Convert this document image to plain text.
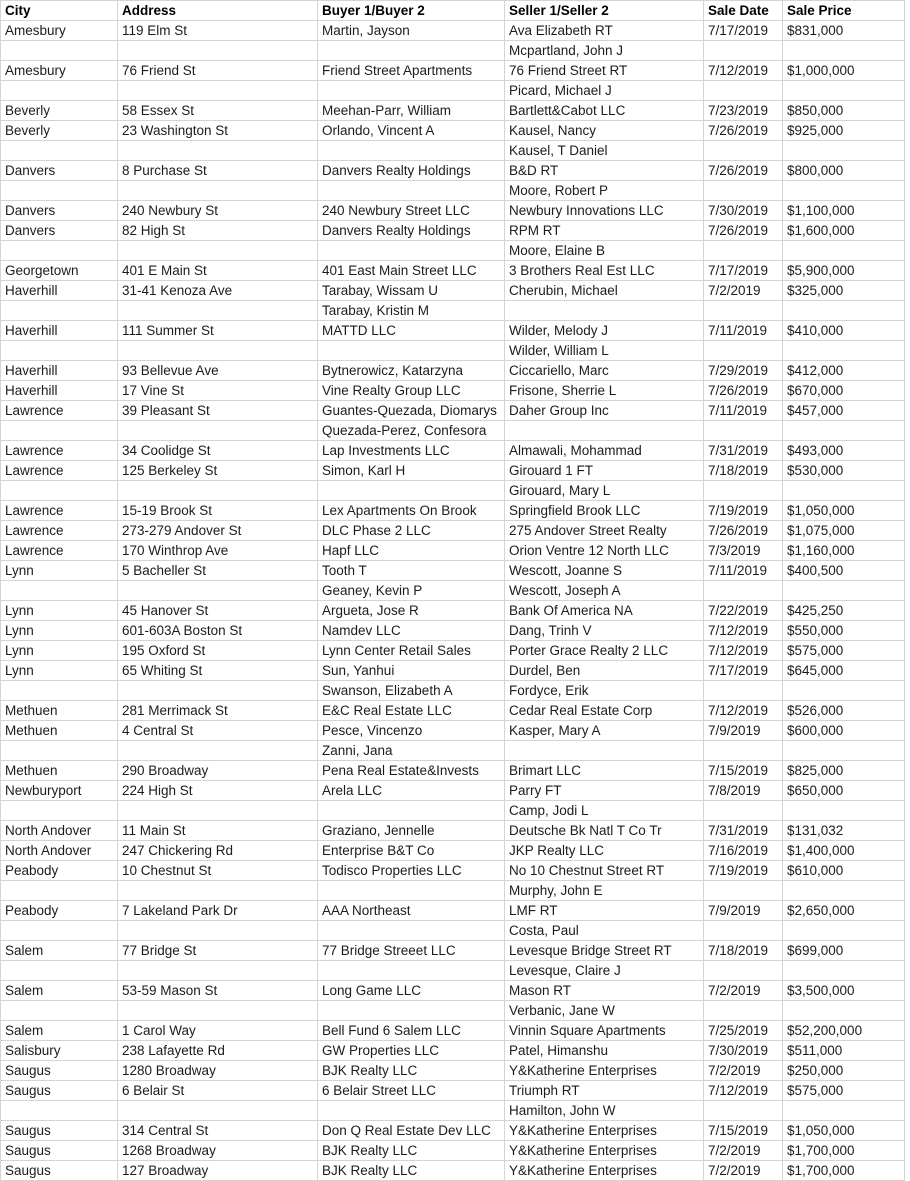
City	Address	Buyer 1/Buyer 2	Seller 1/Seller 2	Sale Date	Sale Price
Amesbury	119 Elm St	Martin, Jayson	Ava Elizabeth RT	7/17/2019	$831,000
			Mcpartland, John J		
Amesbury	76 Friend St	Friend Street Apartments	76 Friend Street RT	7/12/2019	$1,000,000
			Picard, Michael J		
Beverly	58 Essex St	Meehan-Parr, William	Bartlett&Cabot LLC	7/23/2019	$850,000
Beverly	23 Washington St	Orlando, Vincent A	Kausel, Nancy	7/26/2019	$925,000
			Kausel, T Daniel		
Danvers	8 Purchase St	Danvers Realty Holdings	B&D RT	7/26/2019	$800,000
			Moore, Robert P		
Danvers	240 Newbury St	240 Newbury Street LLC	Newbury Innovations LLC	7/30/2019	$1,100,000
Danvers	82 High St	Danvers Realty Holdings	RPM RT	7/26/2019	$1,600,000
			Moore, Elaine B		
Georgetown	401 E Main St	401 East Main Street LLC	3 Brothers Real Est LLC	7/17/2019	$5,900,000
Haverhill	31-41 Kenoza Ave	Tarabay, Wissam U	Cherubin, Michael	7/2/2019	$325,000
		Tarabay, Kristin M			
Haverhill	111 Summer St	MATTD LLC	Wilder, Melody J	7/11/2019	$410,000
			Wilder, William L		
Haverhill	93 Bellevue Ave	Bytnerowicz, Katarzyna	Ciccariello, Marc	7/29/2019	$412,000
Haverhill	17 Vine St	Vine Realty Group LLC	Frisone, Sherrie L	7/26/2019	$670,000
Lawrence	39 Pleasant St	Guantes-Quezada, Diomarys	Daher Group Inc	7/11/2019	$457,000
		Quezada-Perez, Confesora			
Lawrence	34 Coolidge St	Lap Investments LLC	Almawali, Mohammad	7/31/2019	$493,000
Lawrence	125 Berkeley St	Simon, Karl H	Girouard 1 FT	7/18/2019	$530,000
			Girouard, Mary L		
Lawrence	15-19 Brook St	Lex Apartments On Brook	Springfield Brook LLC	7/19/2019	$1,050,000
Lawrence	273-279 Andover St	DLC Phase 2 LLC	275 Andover Street Realty	7/26/2019	$1,075,000
Lawrence	170 Winthrop Ave	Hapf LLC	Orion Ventre 12 North LLC	7/3/2019	$1,160,000
Lynn	5 Bacheller St	Tooth T	Wescott, Joanne S	7/11/2019	$400,500
		Geaney, Kevin P	Wescott, Joseph A		
Lynn	45 Hanover St	Argueta, Jose R	Bank Of America NA	7/22/2019	$425,250
Lynn	601-603A Boston St	Namdev LLC	Dang, Trinh V	7/12/2019	$550,000
Lynn	195 Oxford St	Lynn Center Retail Sales	Porter Grace Realty 2 LLC	7/12/2019	$575,000
Lynn	65 Whiting St	Sun, Yanhui	Durdel, Ben	7/17/2019	$645,000
		Swanson, Elizabeth A	Fordyce, Erik		
Methuen	281 Merrimack St	E&C Real Estate LLC	Cedar Real Estate Corp	7/12/2019	$526,000
Methuen	4 Central St	Pesce, Vincenzo	Kasper, Mary A	7/9/2019	$600,000
		Zanni, Jana			
Methuen	290 Broadway	Pena Real Estate&Invests	Brimart LLC	7/15/2019	$825,000
Newburyport	224 High St	Arela LLC	Parry FT	7/8/2019	$650,000
			Camp, Jodi L		
North Andover	11 Main St	Graziano, Jennelle	Deutsche Bk Natl T Co Tr	7/31/2019	$131,032
North Andover	247 Chickering Rd	Enterprise B&T Co	JKP Realty LLC	7/16/2019	$1,400,000
Peabody	10 Chestnut St	Todisco Properties LLC	No 10 Chestnut Street RT	7/19/2019	$610,000
			Murphy, John E		
Peabody	7 Lakeland Park Dr	AAA Northeast	LMF RT	7/9/2019	$2,650,000
			Costa, Paul		
Salem	77 Bridge St	77 Bridge Streeet LLC	Levesque Bridge Street RT	7/18/2019	$699,000
			Levesque, Claire J		
Salem	53-59 Mason St	Long Game LLC	Mason RT	7/2/2019	$3,500,000
			Verbanic, Jane W		
Salem	1 Carol Way	Bell Fund 6 Salem LLC	Vinnin Square Apartments	7/25/2019	$52,200,000
Salisbury	238 Lafayette Rd	GW Properties LLC	Patel, Himanshu	7/30/2019	$511,000
Saugus	1280 Broadway	BJK Realty LLC	Y&Katherine Enterprises	7/2/2019	$250,000
Saugus	6 Belair St	6 Belair Street LLC	Triumph RT	7/12/2019	$575,000
			Hamilton, John W		
Saugus	314 Central St	Don Q Real Estate Dev LLC	Y&Katherine Enterprises	7/15/2019	$1,050,000
Saugus	1268 Broadway	BJK Realty LLC	Y&Katherine Enterprises	7/2/2019	$1,700,000
Saugus	127 Broadway	BJK Realty LLC	Y&Katherine Enterprises	7/2/2019	$1,700,000
